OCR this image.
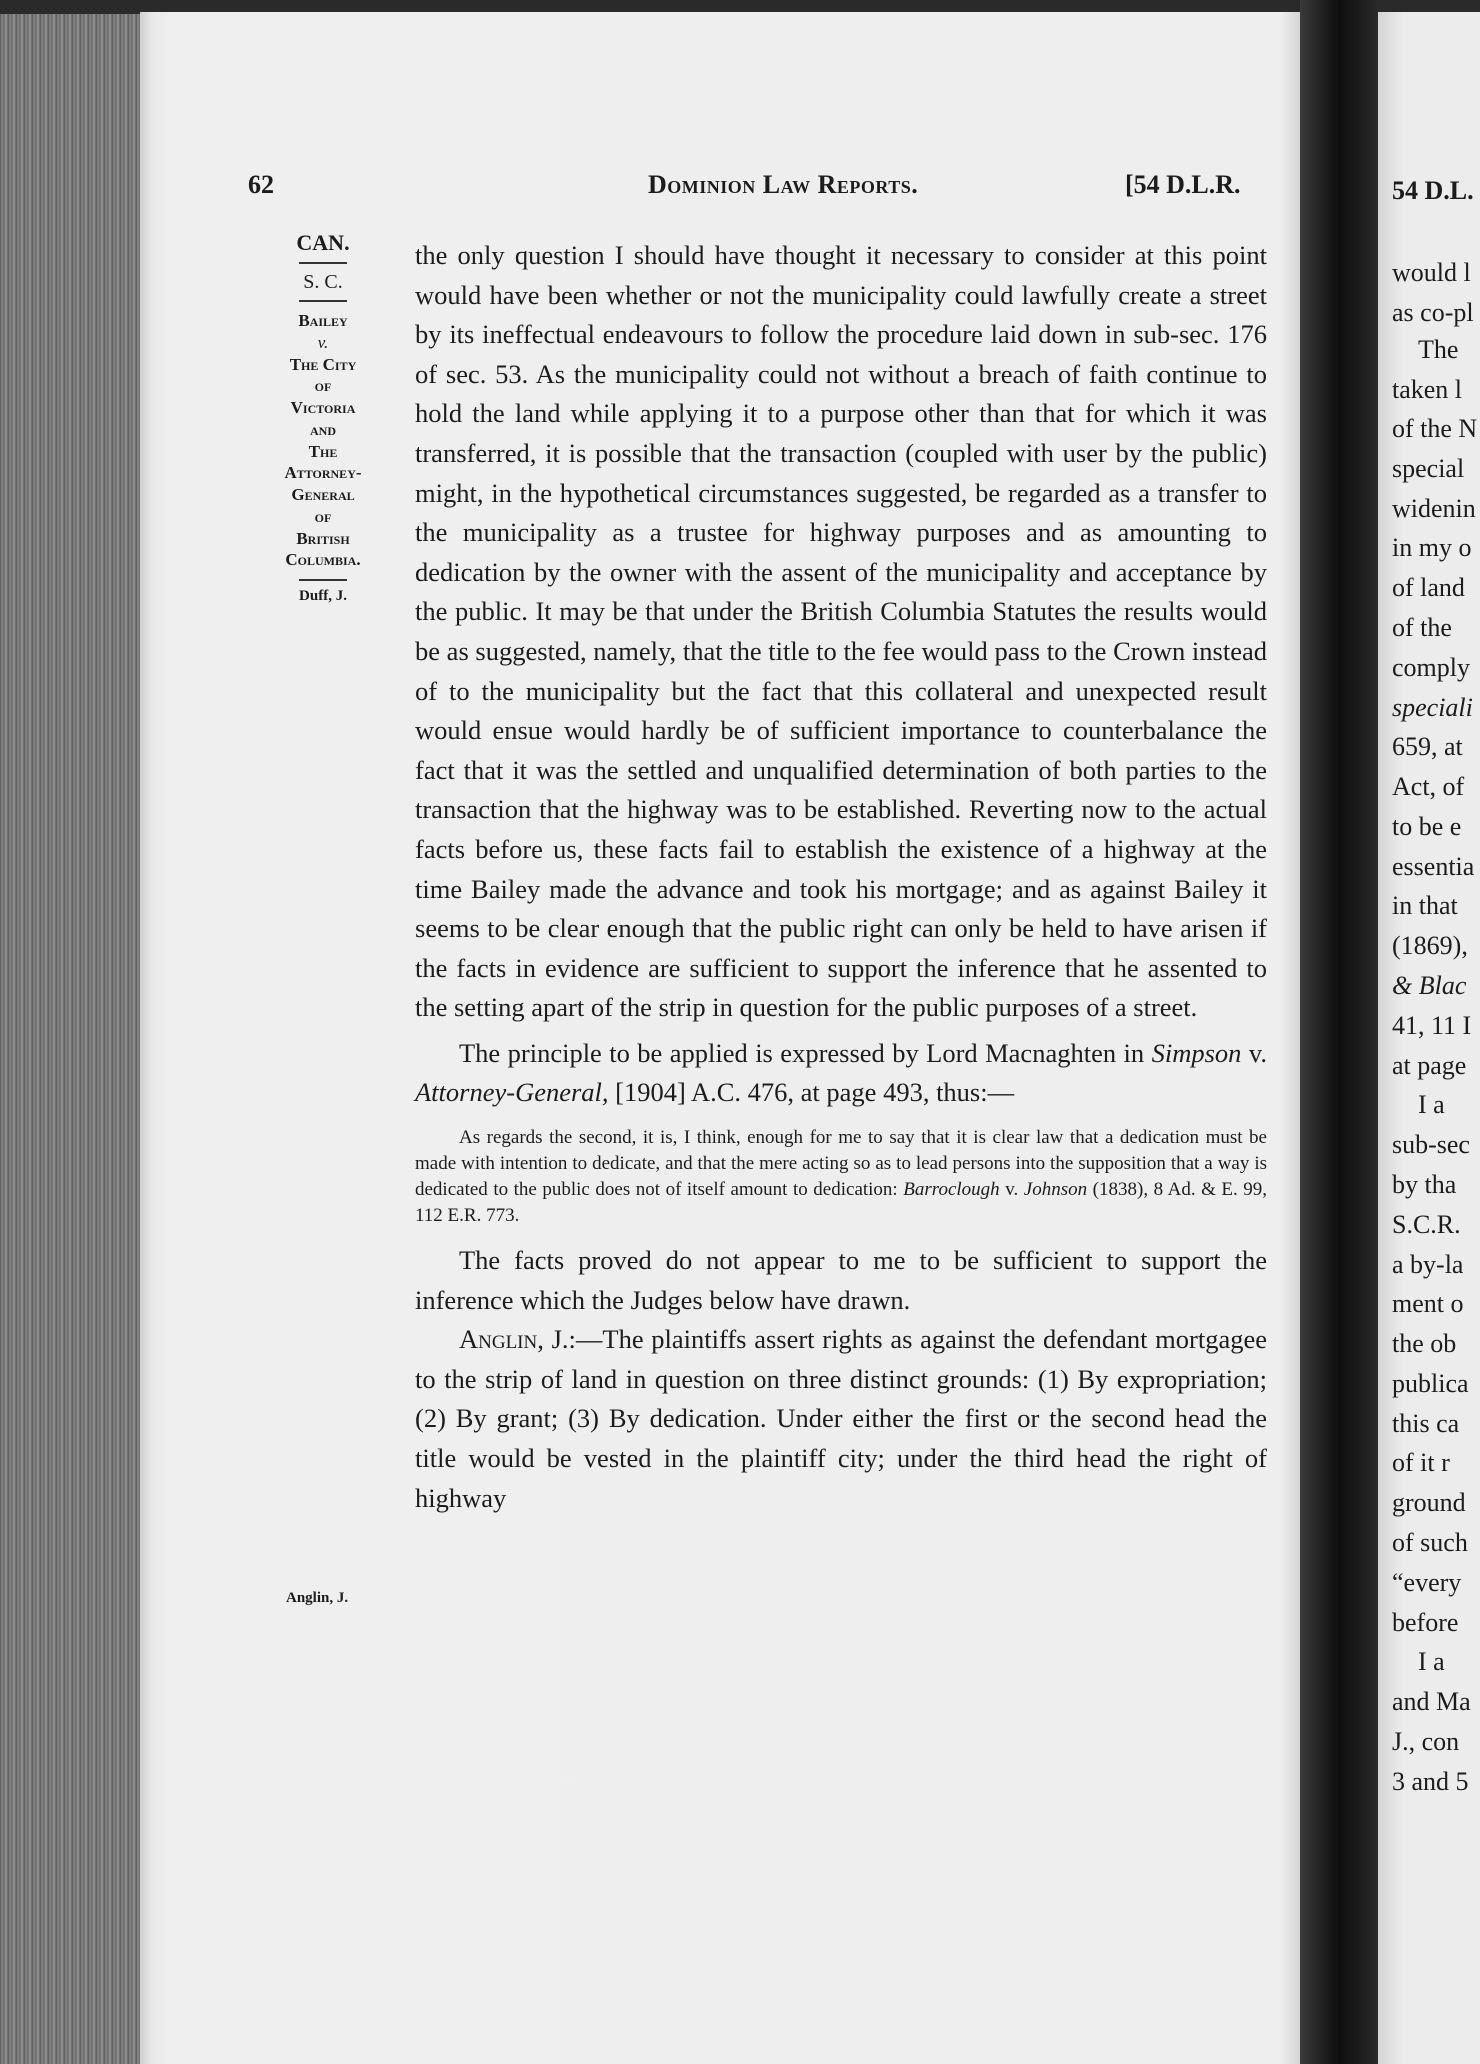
62	Dominion Law Reports.	[54 D.L.R.
CAN.
S. C.
Bailey
v.
The City
of
Victoria
and
The
Attorney-
General
of
British
Columbia.
Duff, J.
Anglin, J.

the only question I should have thought it necessary to consider at this point would have been whether or not the municipality could lawfully create a street by its ineffectual endeavours to follow the procedure laid down in sub-sec. 176 of sec. 53. As the municipality could not without a breach of faith continue to hold the land while applying it to a purpose other than that for which it was transferred, it is possible that the transaction (coupled with user by the public) might, in the hypothetical circumstances suggested, be regarded as a transfer to the municipality as a trustee for highway purposes and as amounting to dedication by the owner with the assent of the municipality and acceptance by the public. It may be that under the British Columbia Statutes the results would be as suggested, namely, that the title to the fee would pass to the Crown instead of to the municipality but the fact that this collateral and unexpected result would ensue would hardly be of sufficient importance to counterbalance the fact that it was the settled and unqualified determination of both parties to the transaction that the highway was to be established. Reverting now to the actual facts before us, these facts fail to establish the existence of a highway at the time Bailey made the advance and took his mortgage; and as against Bailey it seems to be clear enough that the public right can only be held to have arisen if the facts in evidence are sufficient to support the inference that he assented to the setting apart of the strip in question for the public purposes of a street.

The principle to be applied is expressed by Lord Macnaghten in Simpson v. Attorney-General, [1904] A.C. 476, at page 493, thus:—

As regards the second, it is, I think, enough for me to say that it is clear law that a dedication must be made with intention to dedicate, and that the mere acting so as to lead persons into the supposition that a way is dedicated to the public does not of itself amount to dedication: Barroclough v. Johnson (1838), 8 Ad. & E. 99, 112 E.R. 773.

The facts proved do not appear to me to be sufficient to support the inference which the Judges below have drawn.

Anglin, J.:—The plaintiffs assert rights as against the defendant mortgagee to the strip of land in question on three distinct grounds: (1) By expropriation; (2) By grant; (3) By dedication. Under either the first or the second head the title would be vested in the plaintiff city; under the third head the right of highway

54 D.L.
would l
as co-pl
The
taken l
of the N
special
widenin
in my o
of land
of the
comply
speciali
659, at
Act, of
to be e
essentia
in that
(1869),
& Blac
41, 11 I
at page
I a
sub-sec
by tha
S.C.R.
a by-la
ment o
the ob
publica
this ca
of it r
ground
of such
“every
before
I a
and Ma
J., con
3 and 5
